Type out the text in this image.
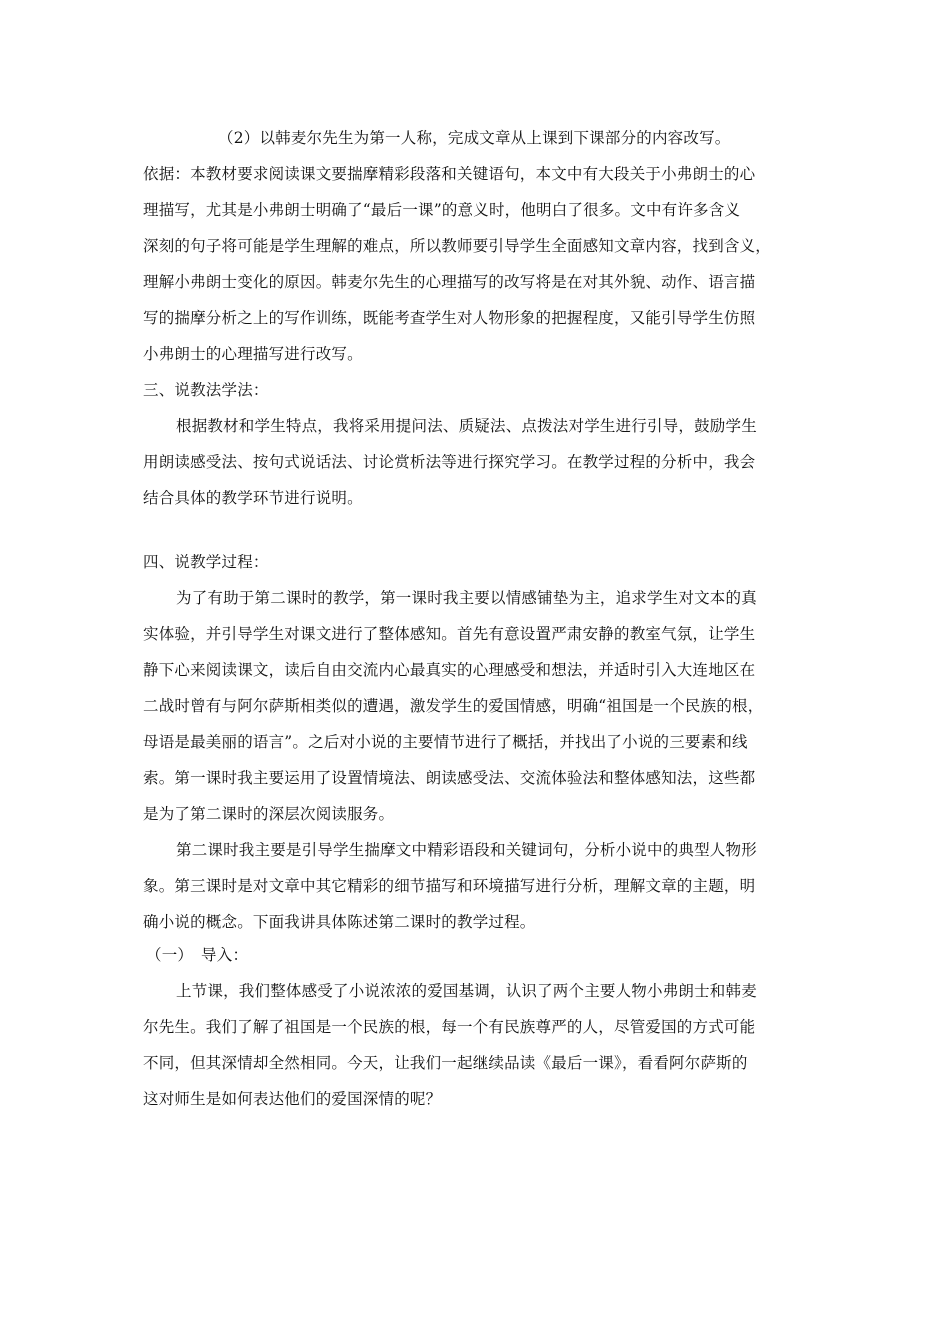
（2）以韩麦尔先生为第一人称，完成文章从上课到下课部分的内容改写。
依据：本教材要求阅读课文要揣摩精彩段落和关键语句，本文中有大段关于小弗朗士的心
理描写，尤其是小弗朗士明确了“最后一课”的意义时，他明白了很多。文中有许多含义
深刻的句子将可能是学生理解的难点，所以教师要引导学生全面感知文章内容，找到含义，
理解小弗朗士变化的原因。韩麦尔先生的心理描写的改写将是在对其外貌、动作、语言描
写的揣摩分析之上的写作训练，既能考查学生对人物形象的把握程度，又能引导学生仿照
小弗朗士的心理描写进行改写。
三、说教法学法：
根据教材和学生特点，我将采用提问法、质疑法、点拨法对学生进行引导，鼓励学生
用朗读感受法、按句式说话法、讨论赏析法等进行探究学习。在教学过程的分析中，我会
结合具体的教学环节进行说明。
四、说教学过程：
为了有助于第二课时的教学，第一课时我主要以情感铺垫为主，追求学生对文本的真
实体验，并引导学生对课文进行了整体感知。首先有意设置严肃安静的教室气氛，让学生
静下心来阅读课文，读后自由交流内心最真实的心理感受和想法，并适时引入大连地区在
二战时曾有与阿尔萨斯相类似的遭遇，激发学生的爱国情感，明确“祖国是一个民族的根，
母语是最美丽的语言”。之后对小说的主要情节进行了概括，并找出了小说的三要素和线
索。第一课时我主要运用了设置情境法、朗读感受法、交流体验法和整体感知法，这些都
是为了第二课时的深层次阅读服务。
第二课时我主要是引导学生揣摩文中精彩语段和关键词句，分析小说中的典型人物形
象。第三课时是对文章中其它精彩的细节描写和环境描写进行分析，理解文章的主题，明
确小说的概念。下面我讲具体陈述第二课时的教学过程。
（一）　导入：
上节课，我们整体感受了小说浓浓的爱国基调，认识了两个主要人物小弗朗士和韩麦
尔先生。我们了解了祖国是一个民族的根，每一个有民族尊严的人，尽管爱国的方式可能
不同，但其深情却全然相同。今天，让我们一起继续品读《最后一课》，看看阿尔萨斯的
这对师生是如何表达他们的爱国深情的呢？
